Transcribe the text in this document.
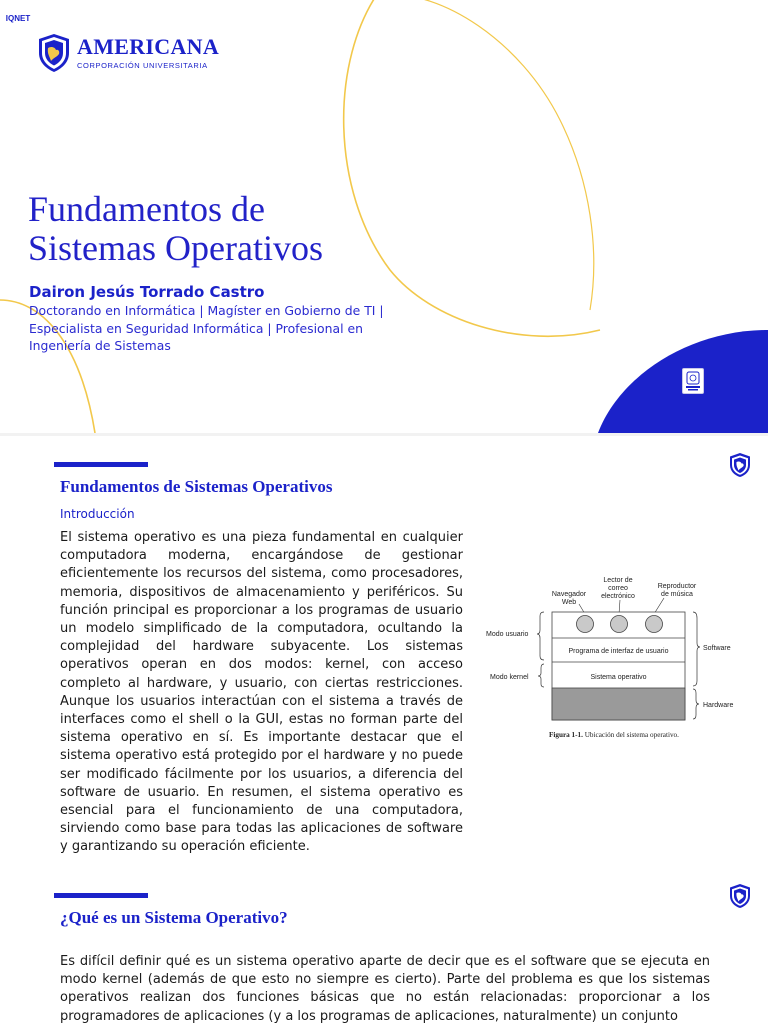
AMERICANA
CORPORACIÓN UNIVERSITARIA
Fundamentos de Sistemas Operativos
Dairon Jesús Torrado Castro
Doctorando en Informática | Magíster en Gobierno de TI | Especialista en Seguridad Informática | Profesional en Ingeniería de Sistemas
IQNET
Fundamentos de Sistemas Operativos
Introducción
El sistema operativo es una pieza fundamental en cualquier computadora moderna, encargándose de gestionar eficientemente los recursos del sistema, como procesadores, memoria, dispositivos de almacenamiento y periféricos. Su función principal es proporcionar a los programas de usuario un modelo simplificado de la computadora, ocultando la complejidad del hardware subyacente. Los sistemas operativos operan en dos modos: kernel, con acceso completo al hardware, y usuario, con ciertas restricciones. Aunque los usuarios interactúan con el sistema a través de interfaces como el shell o la GUI, estas no forman parte del sistema operativo en sí. Es importante destacar que el sistema operativo está protegido por el hardware y no puede ser modificado fácilmente por los usuarios, a diferencia del software de usuario. En resumen, el sistema operativo es esencial para el funcionamiento de una computadora, sirviendo como base para todas las aplicaciones de software y garantizando su operación eficiente.
Navegador
Web
Lector de
correo
electrónico
Reproductor
de música
Programa de interfaz de usuario
Sistema operativo
Modo usuario
Modo kernel
Software
Hardware
Figura 1-1. Ubicación del sistema operativo.
¿Qué es un Sistema Operativo?
Es difícil definir qué es un sistema operativo aparte de decir que es el software que se ejecuta en modo kernel (además de que esto no siempre es cierto). Parte del problema es que los sistemas operativos realizan dos funciones básicas que no están relacionadas: proporcionar a los programadores de aplicaciones (y a los programas de aplicaciones, naturalmente) un conjunto
